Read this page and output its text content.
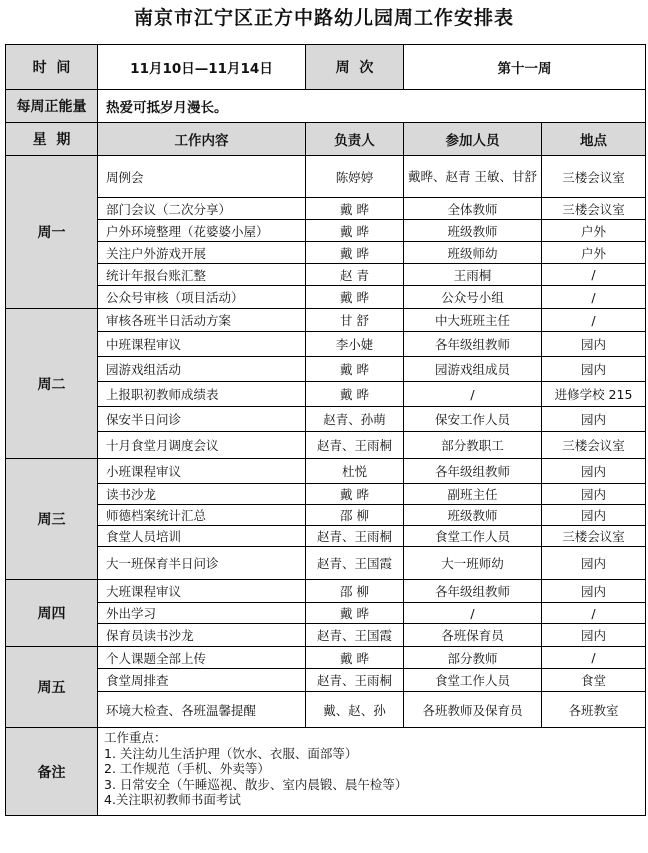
南京市江宁区正方中路幼儿园周工作安排表
时  间	11月10日—11月14日	周  次	第十一周	
每周正能量	热爱可抵岁月漫长。			
星  期	工作内容	负责人	参加人员	地点
周一	周例会	陈婷婷	戴晔、赵青 王敏、甘舒	三楼会议室
	部门会议（二次分享）	戴 晔	全体教师	三楼会议室
	户外环境整理（花婆婆小屋）	戴 晔	班级教师	户外
	关注户外游戏开展	戴 晔	班级师幼	户外
	统计年报台账汇整	赵 青	王雨桐	/
	公众号审核（项目活动）	戴 晔	公众号小组	/
周二	审核各班半日活动方案	甘 舒	中大班班主任	/
	中班课程审议	李小婕	各年级组教师	园内
	园游戏组活动	戴 晔	园游戏组成员	园内
	上报职初教师成绩表	戴 晔	/	进修学校 215
	保安半日问诊	赵青、孙萌	保安工作人员	园内
	十月食堂月调度会议	赵青、王雨桐	部分教职工	三楼会议室
周三	小班课程审议	杜悦	各年级组教师	园内
	读书沙龙	戴 晔	副班主任	园内
	师德档案统计汇总	邵 柳	班级教师	园内
	食堂人员培训	赵青、王雨桐	食堂工作人员	三楼会议室
	大一班保育半日问诊	赵青、王国霞	大一班师幼	园内
周四	大班课程审议	邵 柳	各年级组教师	园内
	外出学习	戴 晔	/	/
	保育员读书沙龙	赵青、王国霞	各班保育员	园内
周五	个人课题全部上传	戴 晔	部分教师	/
	食堂周排查	赵青、王雨桐	食堂工作人员	食堂
	环境大检查、各班温馨提醒	戴、赵、孙	各班教师及保育员	各班教室
备注	工作重点：
1. 关注幼儿生活护理（饮水、衣服、面部等）
2. 工作规范（手机、外卖等）
3. 日常安全（午睡巡视、散步、室内晨锻、晨午检等）
4.关注职初教师书面考试			
